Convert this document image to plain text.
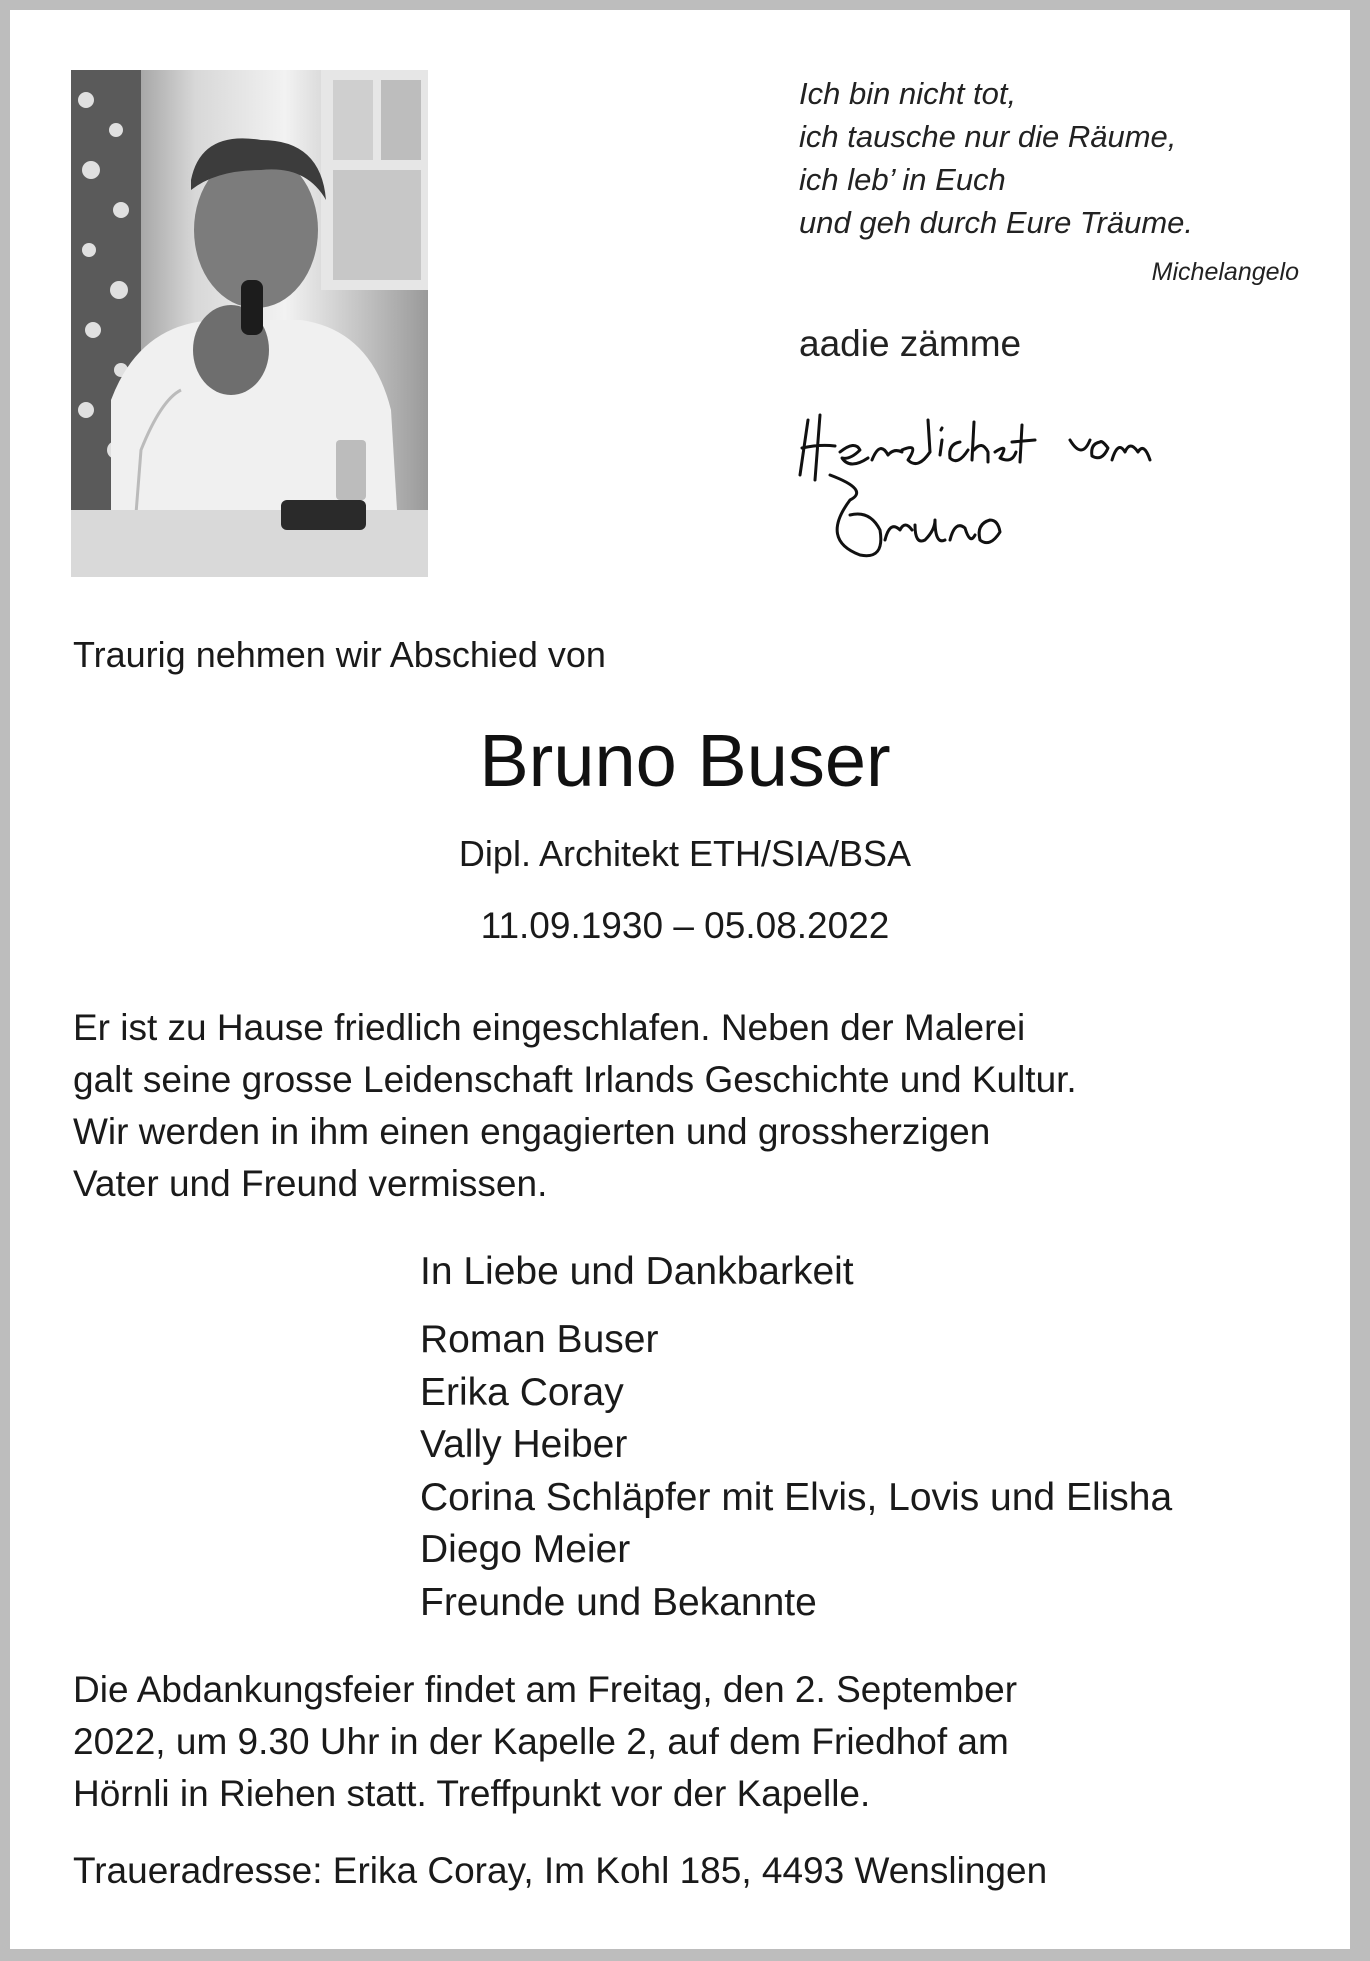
Ich bin nicht tot,
ich tausche nur die Räume,
ich leb’ in Euch
und geh durch Eure Träume.
Michelangelo
aadie zämme
Traurig nehmen wir Abschied von
Bruno Buser
Dipl. Architekt ETH/SIA/BSA
11.09.1930 – 05.08.2022
Er ist zu Hause friedlich eingeschlafen. Neben der Malerei
galt seine grosse Leidenschaft Irlands Geschichte und Kultur.
Wir werden in ihm einen engagierten und grossherzigen
Vater und Freund vermissen.
In Liebe und Dankbarkeit
Roman Buser
Erika Coray
Vally Heiber
Corina Schläpfer mit Elvis, Lovis und Elisha
Diego Meier
Freunde und Bekannte
Die Abdankungsfeier findet am Freitag, den 2. September
2022, um 9.30 Uhr in der Kapelle 2, auf dem Friedhof am
Hörnli in Riehen statt. Treffpunkt vor der Kapelle.
Traueradresse: Erika Coray, Im Kohl 185, 4493 Wenslingen
